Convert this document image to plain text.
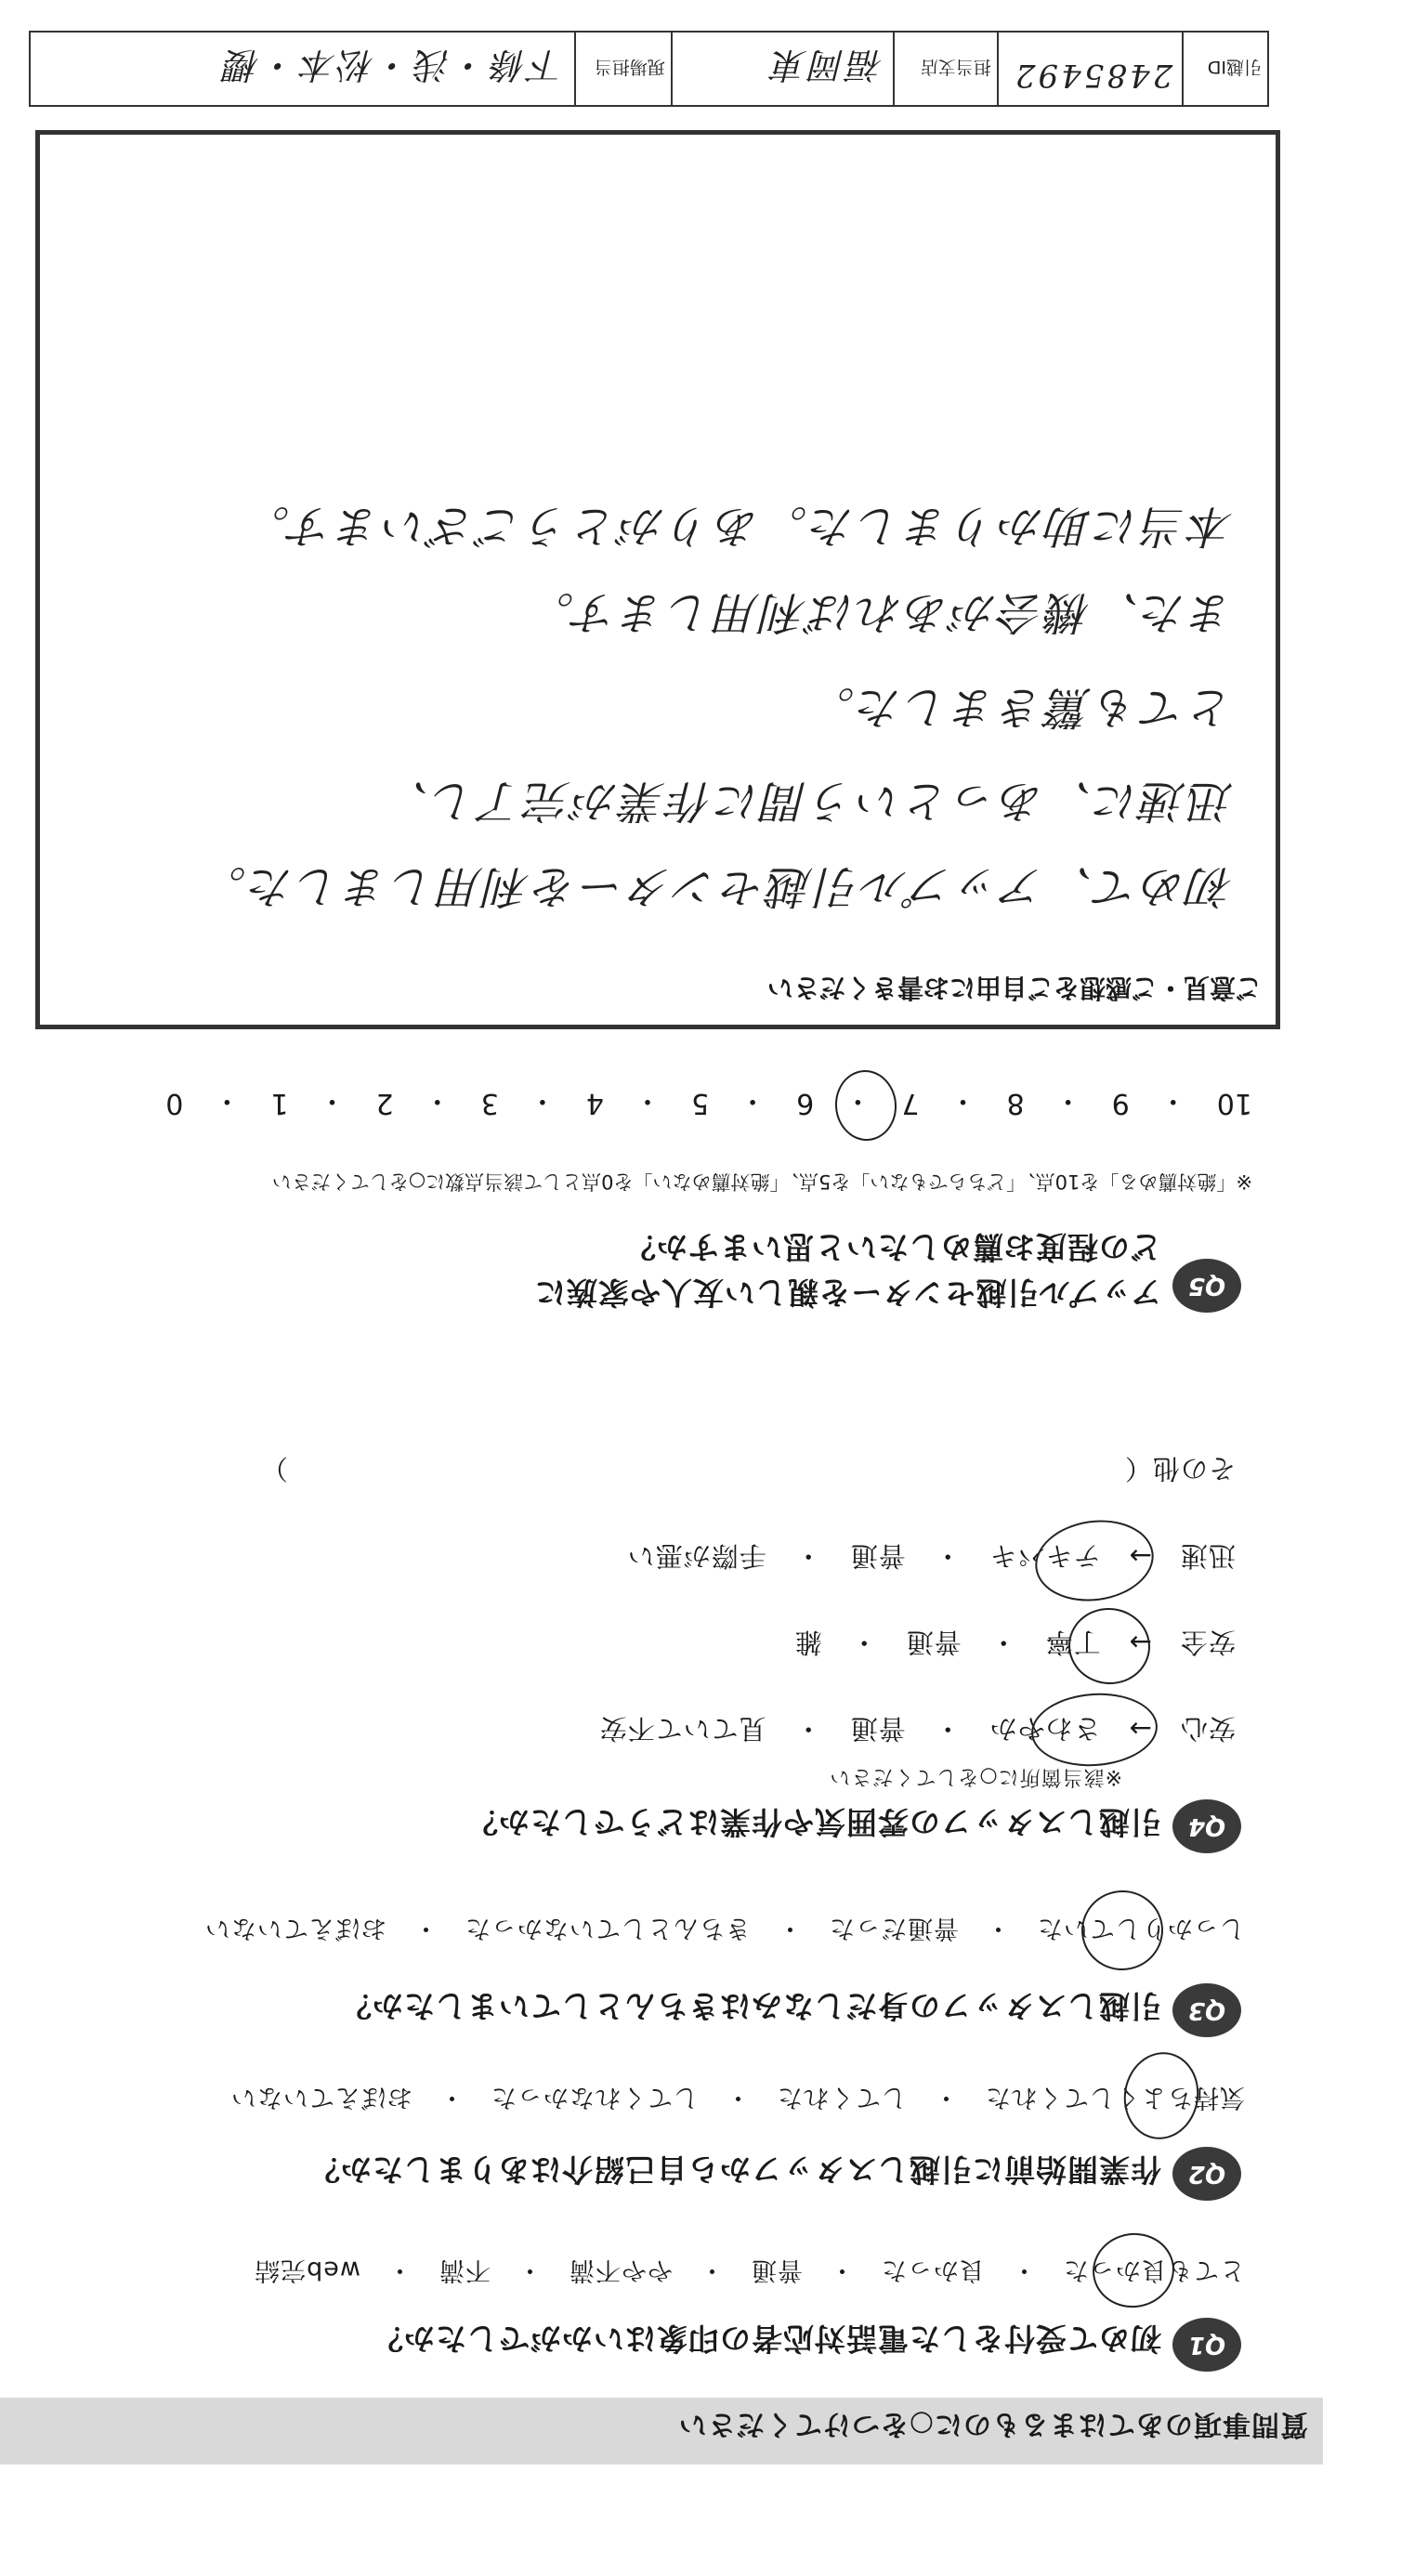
質問事項のあてはまるものに○をつけてください
Q1
初めて受付をした電話対応者の印象はいかがでしたか？
とても良かった　・　良かった　・　普通　・　やや不満　・　不満　・　web完結
Q2
作業開始前に引越しスタッフから自己紹介はありましたか？
気持ちよくしてくれた　・　してくれた　・　してくれなかった　・　おぼえていない
Q3
引越しスタッフの身だしなみはきちんとしていましたか？
しっかりしていた　・　普通だった　・　きちんとしていなかった　・　おぼえていない
Q4
引越しスタッフの雰囲気や作業はどうでしたか？
※該当箇所に○をしてください
安心　→　さわやか　・　普通　・　見ていて不安
安全　→　丁寧　・　普通　・　雑
迅速　→　テキパキ　・　普通　・　手際が悪い
その他（　　　　　　　　　　　　　　　　　　　　　　　　　　　　　　）
Q5
アップル引越センターを親しい友人や家族に
どの程度お薦めしたいと思いますか？
※「絶対薦める」を10点、「どちらでもない」を5点、「絶対薦めない」を0点として該当点数に○をしてください
10
・
9
・
8
・
7
・
6
・
5
・
4
・
3
・
2
・
1
・
0
ご意見・ご感想をご自由にお書きください
初めて、アップル引越センターを利用しました。
迅速に、あっという間に作業が完了し、
とても驚きました。
また、機会があれば利用します。
本当に助かりました。ありがとうございます。
引越ID
2485492
担当支店
福岡東
現場担当
下條・浅・松本・櫻
